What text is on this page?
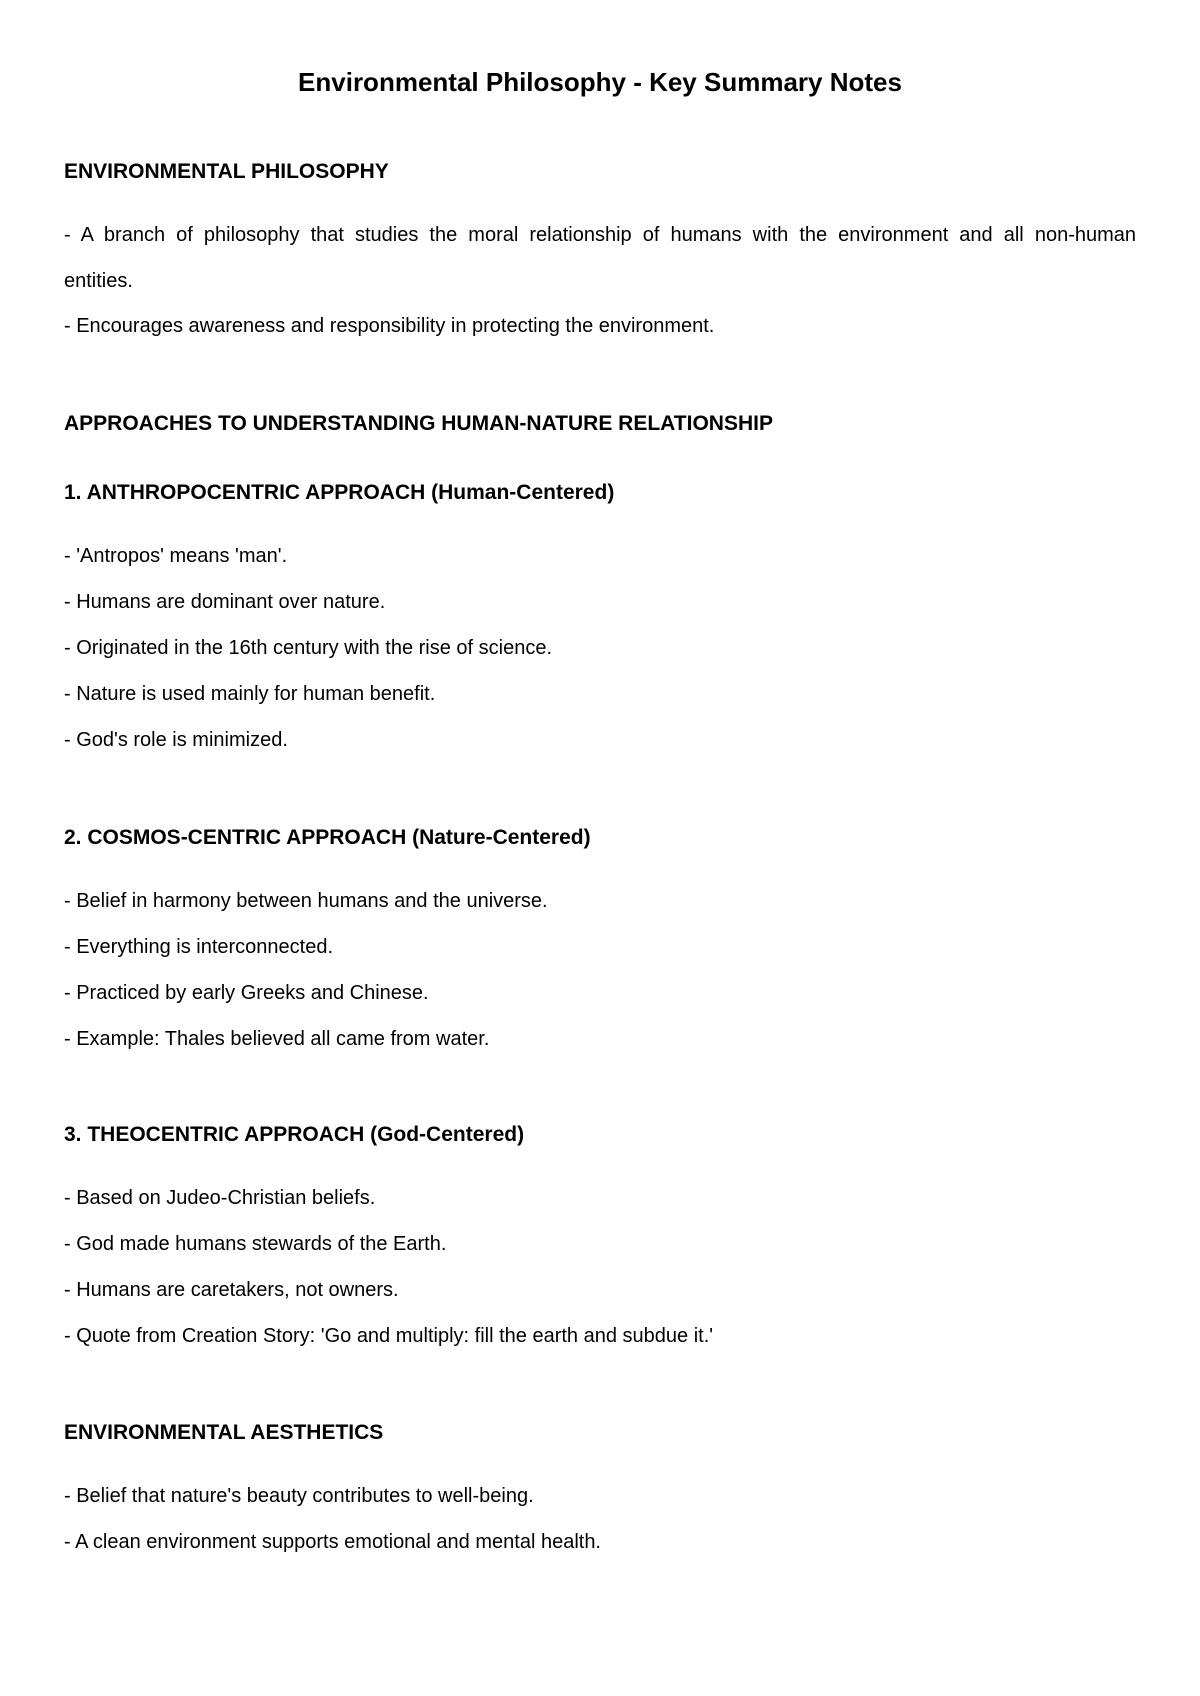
Environmental Philosophy - Key Summary Notes
ENVIRONMENTAL PHILOSOPHY
- A branch of philosophy that studies the moral relationship of humans with the environment and all non-human entities.
- Encourages awareness and responsibility in protecting the environment.
APPROACHES TO UNDERSTANDING HUMAN-NATURE RELATIONSHIP
1. ANTHROPOCENTRIC APPROACH (Human-Centered)
- 'Antropos' means 'man'.
- Humans are dominant over nature.
- Originated in the 16th century with the rise of science.
- Nature is used mainly for human benefit.
- God's role is minimized.
2. COSMOS-CENTRIC APPROACH (Nature-Centered)
- Belief in harmony between humans and the universe.
- Everything is interconnected.
- Practiced by early Greeks and Chinese.
- Example: Thales believed all came from water.
3. THEOCENTRIC APPROACH (God-Centered)
- Based on Judeo-Christian beliefs.
- God made humans stewards of the Earth.
- Humans are caretakers, not owners.
- Quote from Creation Story: 'Go and multiply: fill the earth and subdue it.'
ENVIRONMENTAL AESTHETICS
- Belief that nature's beauty contributes to well-being.
- A clean environment supports emotional and mental health.
